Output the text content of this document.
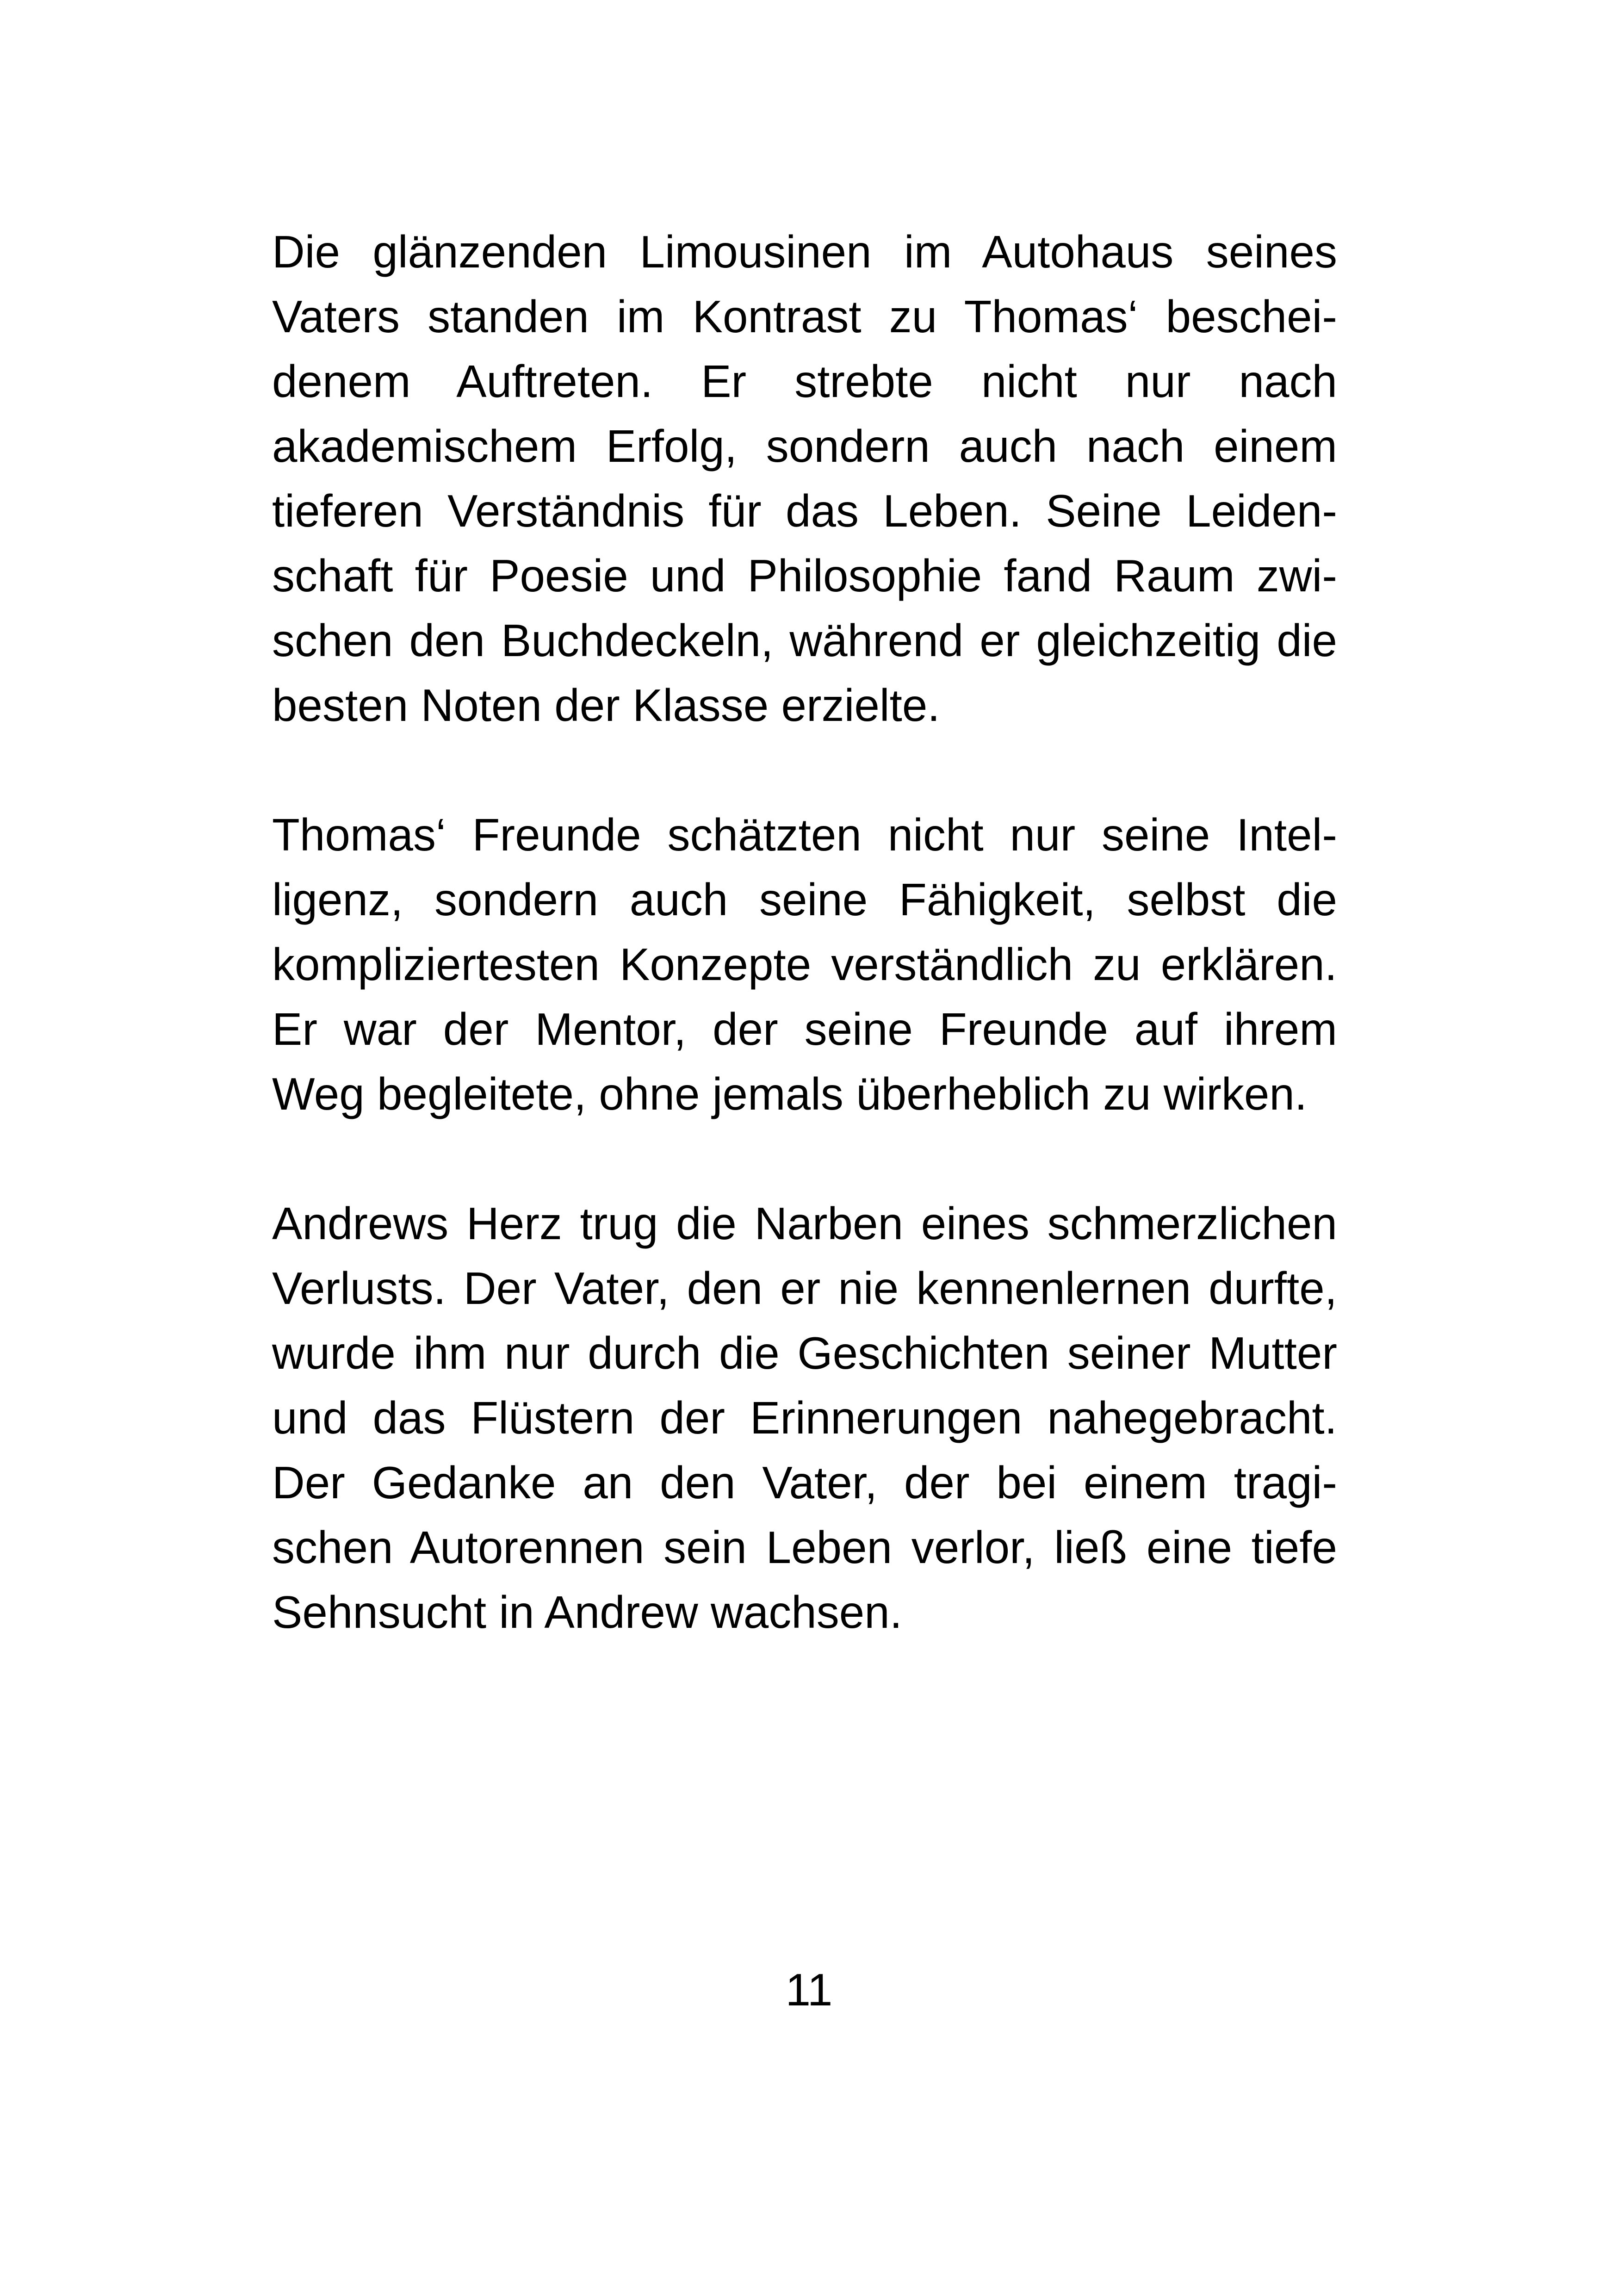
Die glänzenden Limousinen im Autohaus seines
Vaters standen im Kontrast zu Thomas‘ beschei-
denem Auftreten. Er strebte nicht nur nach
akademischem Erfolg, sondern auch nach einem
tieferen Verständnis für das Leben. Seine Leiden-
schaft für Poesie und Philosophie fand Raum zwi-
schen den Buchdeckeln, während er gleichzeitig die
besten Noten der Klasse erzielte.

Thomas‘ Freunde schätzten nicht nur seine Intel-
ligenz, sondern auch seine Fähigkeit, selbst die
kompliziertesten Konzepte verständlich zu erklären.
Er war der Mentor, der seine Freunde auf ihrem
Weg begleitete, ohne jemals überheblich zu wirken.

Andrews Herz trug die Narben eines schmerzlichen
Verlusts. Der Vater, den er nie kennenlernen durfte,
wurde ihm nur durch die Geschichten seiner Mutter
und das Flüstern der Erinnerungen nahegebracht.
Der Gedanke an den Vater, der bei einem tragi-
schen Autorennen sein Leben verlor, ließ eine tiefe
Sehnsucht in Andrew wachsen.

11
